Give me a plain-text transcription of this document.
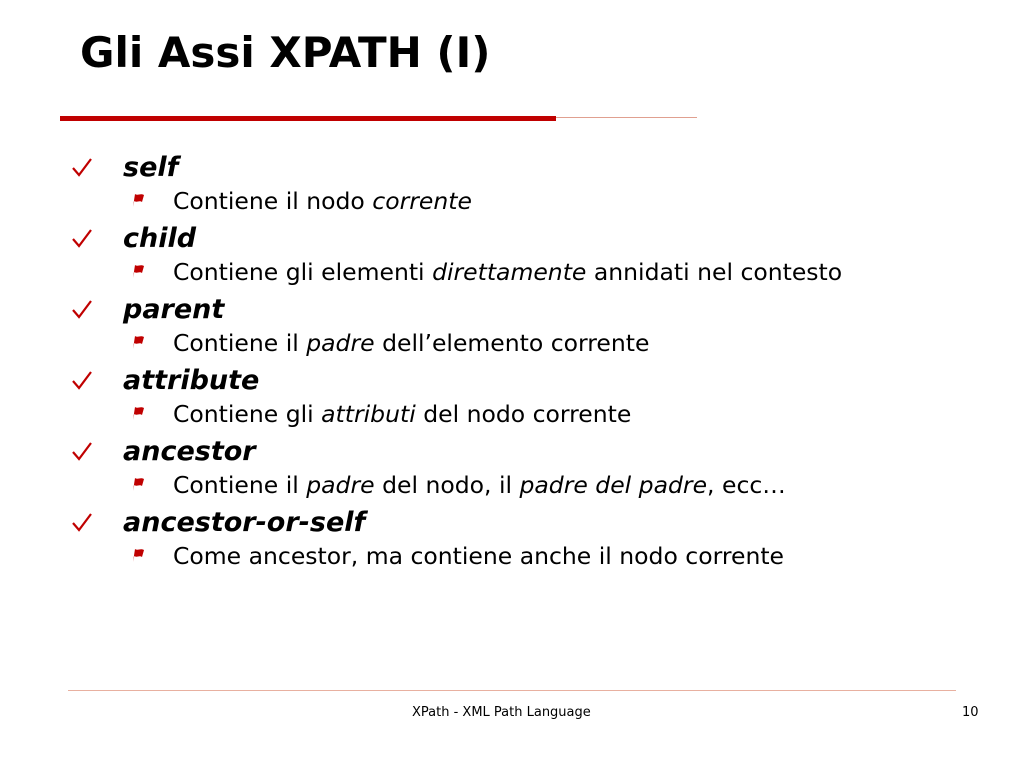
Gli Assi XPATH (I)
self
Contiene il nodo corrente
child
Contiene gli elementi direttamente annidati nel contesto
parent
Contiene il padre dell’elemento corrente
attribute
Contiene gli attributi del nodo corrente
ancestor
Contiene il padre del nodo, il padre del padre, ecc…
ancestor-or-self
Come ancestor, ma contiene anche il nodo corrente
XPath - XML Path Language	10
